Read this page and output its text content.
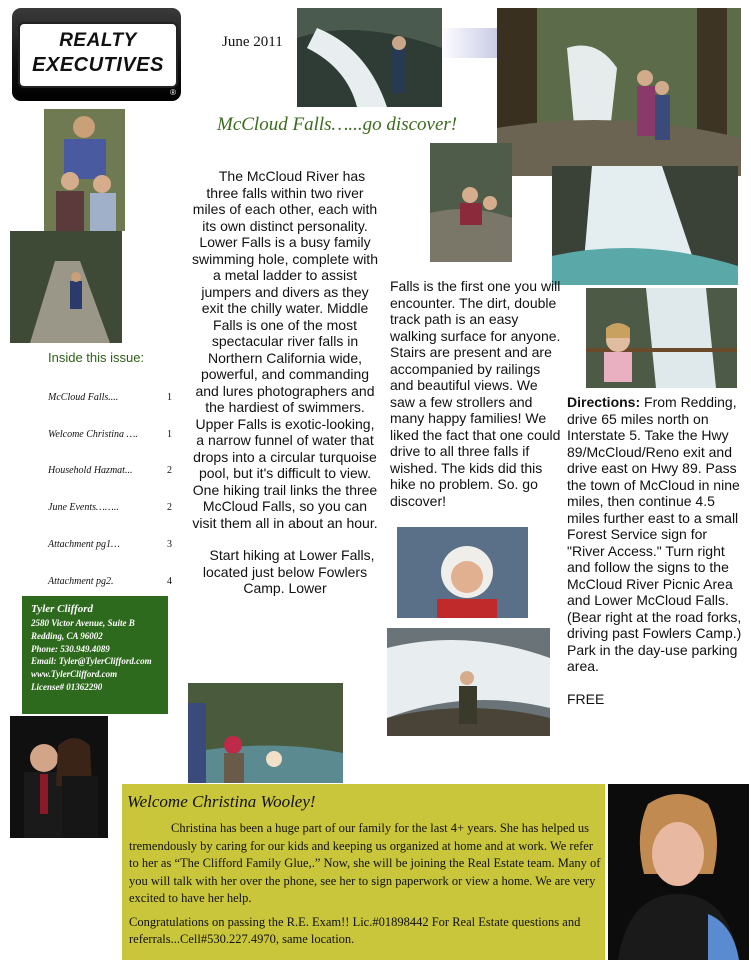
REALTY
EXECUTIVES
®
June 2011
McCloud Falls…...go discover!

The McCloud River has three falls within two river miles of each other, each with its own distinct personality. Lower Falls is a busy family swimming hole, complete with a metal ladder to assist jumpers and divers as they exit the chilly water. Middle Falls is one of the most spectacular river falls in Northern California wide, powerful, and commanding and lures photographers and the hardiest of swimmers. Upper Falls is exotic-looking, a narrow funnel of water that drops into a circular turquoise pool, but it's difficult to view. One hiking trail links the three McCloud Falls, so you can visit them all in about an hour.

Start hiking at Lower Falls, located just below Fowlers Camp. Lower

Falls is the first one you will encounter. The dirt, double track path is an easy walking surface for anyone. Stairs are present and are accompanied by railings and beautiful views. We saw a few strollers and many happy families! We liked the fact that one could drive to all three falls if wished. The kids did this hike no problem. So. go discover!
Directions: From Redding, drive 65 miles north on Interstate 5. Take the Hwy 89/McCloud/Reno exit and drive east on Hwy 89. Pass the town of McCloud in nine miles, then continue 4.5 miles further east to a small Forest Service sign for "River Access." Turn right and follow the signs to the McCloud River Picnic Area and Lower McCloud Falls. (Bear right at the road forks, driving past Fowlers Camp.) Park in the day-use parking area.
FREE
Inside this issue:
McCloud Falls....	1
Welcome Christina ….	1
Household Hazmat...	2
June Events……..	2
Attachment pg1…	3
Attachment pg2.	4
Tyler Clifford
2580 Victor Avenue, Suite B
Redding, CA 96002
Phone: 530.949.4089
Email: Tyler@TylerClifford.com
www.TylerClifford.com
License# 01362290
Welcome Christina Wooley!

Christina has been a huge part of our family for the last 4+ years. She has helped us tremendously by caring for our kids and keeping us organized at home and at work. We refer to her as “The Clifford Family Glue,.” Now, she will be joining the Real Estate team. Many of you will talk with her over the phone, see her to sign paperwork or view a home. We are very excited to have her help.

Congratulations on passing the R.E. Exam!! Lic.#01898442 For Real Estate questions and referrals...Cell#530.227.4970, same location.
